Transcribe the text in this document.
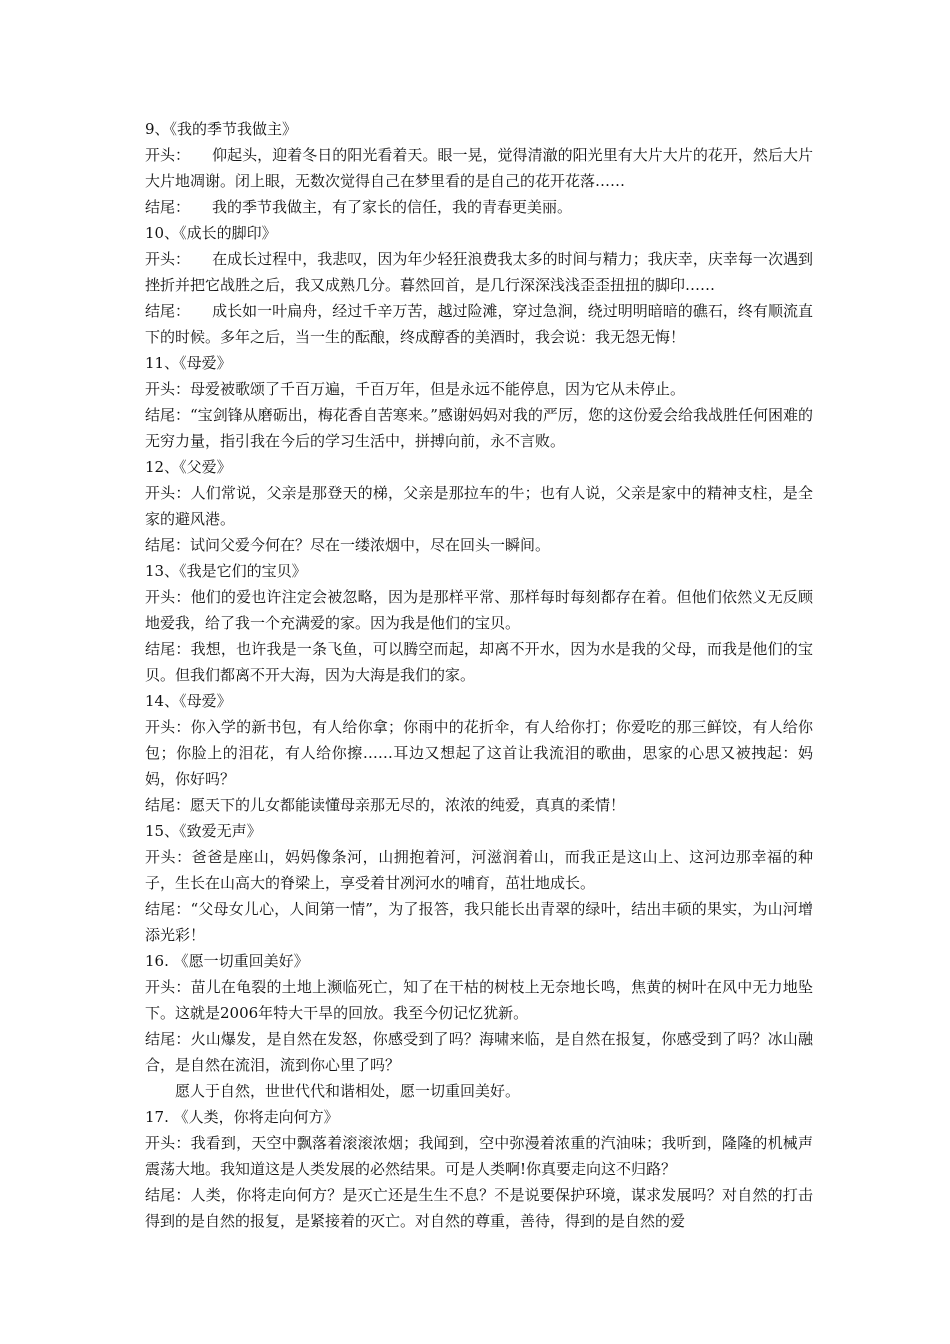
9、《我的季节我做主》

开头： 仰起头，迎着冬日的阳光看着天。眼一晃，觉得清澈的阳光里有大片大片的花开，然后大片大片地凋谢。闭上眼，无数次觉得自己在梦里看的是自己的花开花落……

结尾： 我的季节我做主，有了家长的信任，我的青春更美丽。

10、《成长的脚印》

开头： 在成长过程中，我悲叹，因为年少轻狂浪费我太多的时间与精力；我庆幸，庆幸每一次遇到挫折并把它战胜之后，我又成熟几分。暮然回首，是几行深深浅浅歪歪扭扭的脚印……

结尾： 成长如一叶扁舟，经过千辛万苦，越过险滩，穿过急涧，绕过明明暗暗的礁石，终有顺流直下的时候。多年之后，当一生的酝酿，终成醇香的美酒时，我会说：我无怨无悔！

11、《母爱》

开头：母爱被歌颂了千百万遍，千百万年，但是永远不能停息，因为它从未停止。

结尾：“宝剑锋从磨砺出，梅花香自苦寒来。”感谢妈妈对我的严厉，您的这份爱会给我战胜任何困难的无穷力量，指引我在今后的学习生活中，拼搏向前，永不言败。

12、《父爱》

开头：人们常说，父亲是那登天的梯，父亲是那拉车的牛；也有人说，父亲是家中的精神支柱，是全家的避风港。

结尾：试问父爱今何在？尽在一缕浓烟中，尽在回头一瞬间。

13、《我是它们的宝贝》

开头：他们的爱也许注定会被忽略，因为是那样平常、那样每时每刻都存在着。但他们依然义无反顾地爱我，给了我一个充满爱的家。因为我是他们的宝贝。

结尾：我想，也许我是一条飞鱼，可以腾空而起，却离不开水，因为水是我的父母，而我是他们的宝贝。但我们都离不开大海，因为大海是我们的家。

14、《母爱》

开头：你入学的新书包，有人给你拿；你雨中的花折伞，有人给你打；你爱吃的那三鲜饺，有人给你包；你脸上的泪花，有人给你擦……耳边又想起了这首让我流泪的歌曲，思家的心思又被拽起：妈妈，你好吗？

结尾：愿天下的儿女都能读懂母亲那无尽的，浓浓的纯爱，真真的柔情！

15、《致爱无声》

开头：爸爸是座山，妈妈像条河，山拥抱着河，河滋润着山，而我正是这山上、这河边那幸福的种子，生长在山高大的脊梁上，享受着甘冽河水的哺育，茁壮地成长。

结尾：“父母女儿心，人间第一情”，为了报答，我只能长出青翠的绿叶，结出丰硕的果实，为山河增添光彩！

16. 《愿一切重回美好》

开头：苗儿在龟裂的土地上濒临死亡，知了在干枯的树枝上无奈地长鸣，焦黄的树叶在风中无力地坠下。这就是2006年特大干旱的回放。我至今仞记忆犹新。

结尾：火山爆发，是自然在发怒，你感受到了吗？海啸来临，是自然在报复，你感受到了吗？冰山融合，是自然在流泪，流到你心里了吗？

愿人于自然，世世代代和谐相处，愿一切重回美好。

17. 《人类，你将走向何方》

开头：我看到，天空中飘落着滚滚浓烟；我闻到，空中弥漫着浓重的汽油味；我听到，隆隆的机械声震荡大地。我知道这是人类发展的必然结果。可是人类啊!你真要走向这不归路？

结尾：人类，你将走向何方？是灭亡还是生生不息？不是说要保护环境，谋求发展吗？对自然的打击得到的是自然的报复，是紧接着的灭亡。对自然的尊重，善待，得到的是自然的爱
